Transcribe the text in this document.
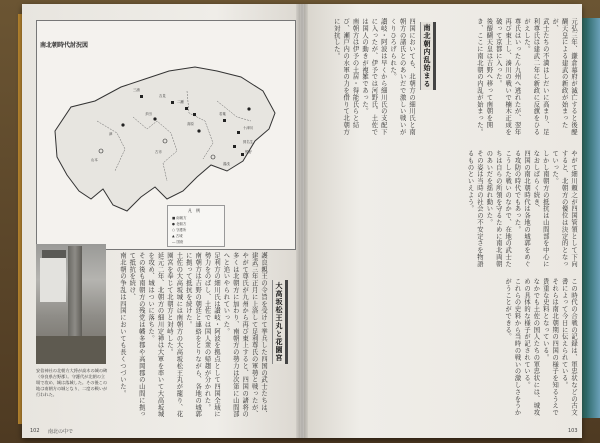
三浦
吉見
多田
二瀬
高原
若葉
十津川
賀名生
熊野
湯浅
津
古市
山本
凡　例
■ 南朝方
● 北朝方
○ 守護所
▲ 古城
― 国府
南北朝時代討況図
安倍神社の北朝方大将が高木の城の碑（奈良県吉野郡）。守護代が北朝の立場で攻め、城は落城した。その後この地は南朝方の城となり、二度の戦いが行われた。
大高坂松王丸と花園宮

護良親王の令旨を受けて挙兵した四国の武士たちは、建武三年正月に上洛して足利尊氏の軍勢と戦ったが、

やがて尊氏が九州から再び東上すると、四国の諸将の多くは北朝方に加わり、南朝方の勢力は次第に山間部へと追いやられていった。

足利方の細川氏は讃岐・阿波を拠点として四国全域に勢力をのばし、土佐では国人衆の帰趨が分かれた。

南朝方は吉野の朝廷と連絡をとりながら、各地の城郭に拠って抵抗を続けた。

土佐の大高坂城には南朝方の大高坂松王丸が籠り、花園宮を奉じて北朝方と対峙した。

延元二年、北朝方の細川定禅は大軍を率いて大高坂城を攻め、城はついに落ちた。

その後も南朝方の残党は幡多郡や高岡郡の山間に拠って抵抗を続け、

南北朝の争乱は四国においても長くつづいた。

102 南北の中で
南北朝内乱始まる	元弘三年、鎌倉幕府が滅亡すると後醍醐天皇による建武の新政が始まったが、

武士たちの不満はしだいに高まり、足利尊氏は建武二年に新政に反旗をひるがえした。

尊氏はいったん九州へ逃れたが、翌年再び東上し、湊川の戦いで楠木正成を破って京都に入った。

後醍醐天皇は吉野へ移って南朝を開き、ここに南北朝の内乱が始まった。

四国においても、北朝方の細川氏と南朝方の諸氏とのあいだで激しい戦いがくりひろげられた。

讃岐・阿波は早くから細川氏の支配下に入ったが、伊予では河野氏、土佐では国人の動きが複雑であった。

南朝方は伊予の土居・得能氏らと結び、瀬戸内の水軍の力を借りて北朝方に対抗した。

やがて細川頼之が四国管領として下向すると、北朝方の優位は決定的となっていった。

しかし南朝方の抵抗は山間部を中心になおしばらく続き、

四国の南北朝時代は各地の城郭をめぐる攻防の時代でもあった。

こうした戦いのなかで、在地の武士たちは自らの所領を守るために南北両朝のあいだを揺れ動いた。

その姿は当時の社会の不安定さを物語るものといえよう。

この時代の合戦の記録は、軍忠状などの古文書によって今日に伝えられている。

それらは南北朝期の四国の様子を知るうえで貴重な史料となっている。

なかでも土佐の国人たちの軍忠状には、城攻めの具体的な様子が記されている。

これらの史料から当時の戦いの激しさをうかがうことができる。

103
